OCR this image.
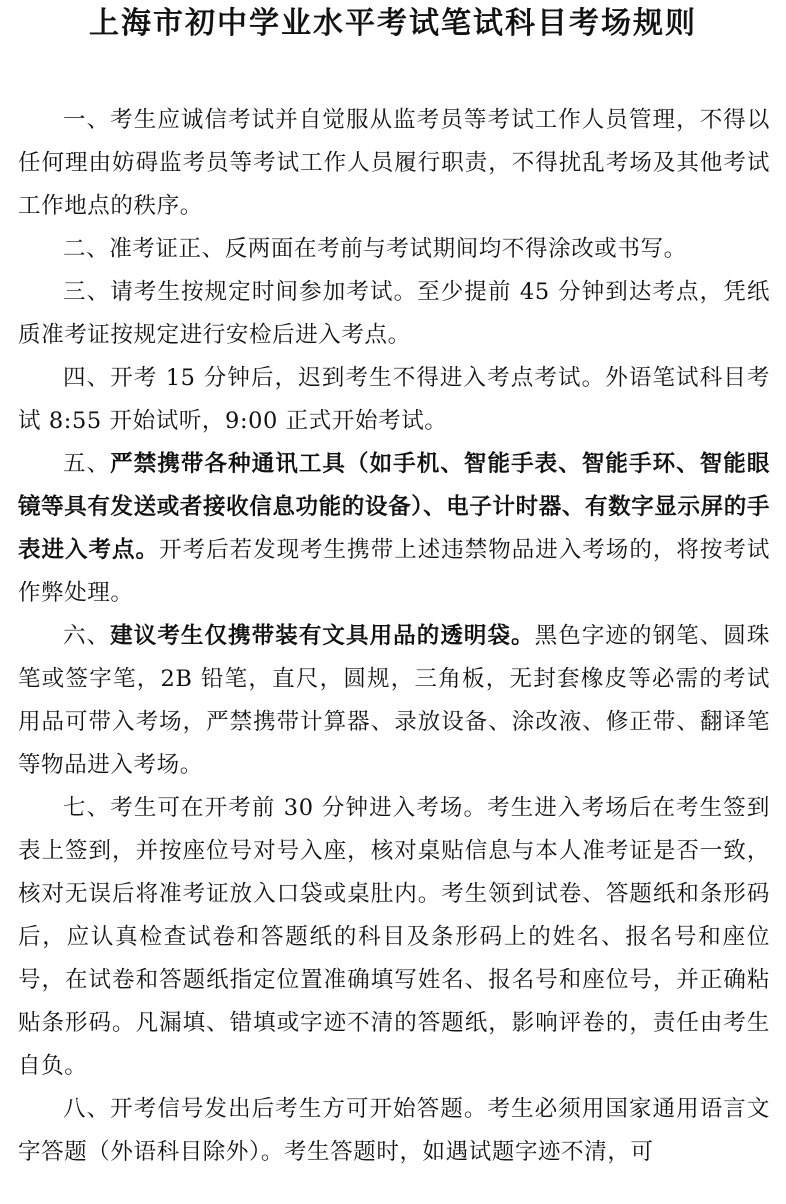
上海市初中学业水平考试笔试科目考场规则

一、考生应诚信考试并自觉服从监考员等考试工作人员管理，不得以任何理由妨碍监考员等考试工作人员履行职责，不得扰乱考场及其他考试工作地点的秩序。

二、准考证正、反两面在考前与考试期间均不得涂改或书写。

三、请考生按规定时间参加考试。至少提前 45 分钟到达考点，凭纸质准考证按规定进行安检后进入考点。

四、开考 15 分钟后，迟到考生不得进入考点考试。外语笔试科目考试 8:55 开始试听，9:00 正式开始考试。

五、严禁携带各种通讯工具（如手机、智能手表、智能手环、智能眼镜等具有发送或者接收信息功能的设备）、电子计时器、有数字显示屏的手表进入考点。开考后若发现考生携带上述违禁物品进入考场的，将按考试作弊处理。

六、建议考生仅携带装有文具用品的透明袋。黑色字迹的钢笔、圆珠笔或签字笔，2B 铅笔，直尺，圆规，三角板，无封套橡皮等必需的考试用品可带入考场，严禁携带计算器、录放设备、涂改液、修正带、翻译笔等物品进入考场。

七、考生可在开考前 30 分钟进入考场。考生进入考场后在考生签到表上签到，并按座位号对号入座，核对桌贴信息与本人准考证是否一致，核对无误后将准考证放入口袋或桌肚内。考生领到试卷、答题纸和条形码后，应认真检查试卷和答题纸的科目及条形码上的姓名、报名号和座位号，在试卷和答题纸指定位置准确填写姓名、报名号和座位号，并正确粘贴条形码。凡漏填、错填或字迹不清的答题纸，影响评卷的，责任由考生自负。

八、开考信号发出后考生方可开始答题。考生必须用国家通用语言文字答题（外语科目除外）。考生答题时，如遇试题字迹不清，可
